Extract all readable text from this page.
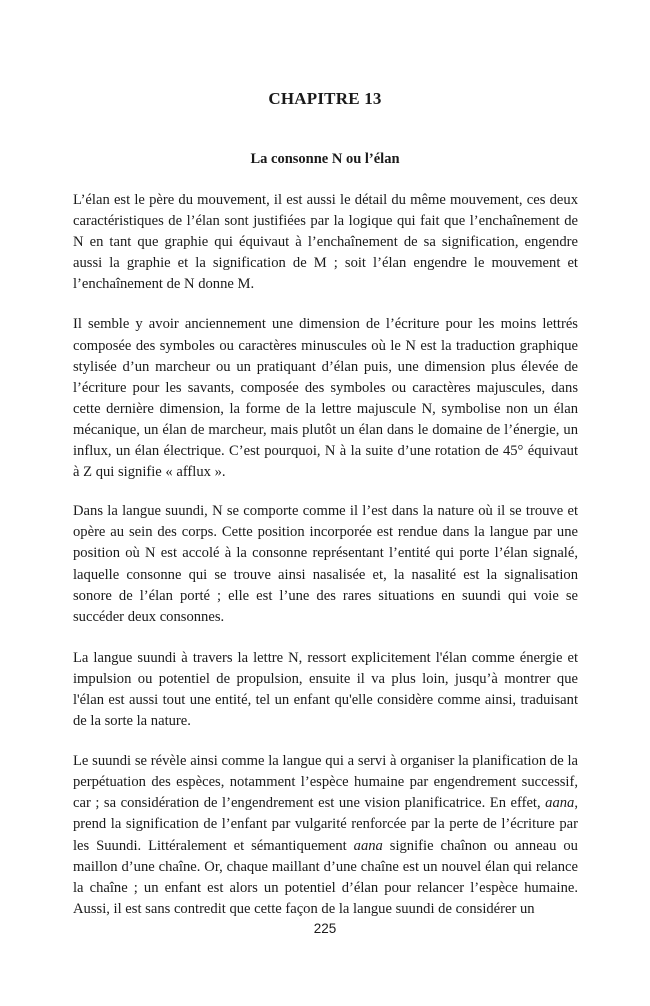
CHAPITRE 13
La consonne N ou l’élan

L’élan est le père du mouvement, il est aussi le détail du même mouvement, ces deux caractéristiques de l’élan sont justifiées par la logique qui fait que l’enchaînement de N en tant que graphie qui équivaut à l’enchaînement de sa signification, engendre aussi la graphie et la signification de M ; soit l’élan engendre le mouvement et l’enchaînement de N donne M.

Il semble y avoir anciennement une dimension de l’écriture pour les moins lettrés composée des symboles ou caractères minuscules où le N est la traduction graphique stylisée d’un marcheur ou un pratiquant d’élan puis, une dimension plus élevée de l’écriture pour les savants, composée des symboles ou caractères majuscules, dans cette dernière dimension, la forme de la lettre majuscule N, symbolise non un élan mécanique, un élan de marcheur, mais plutôt un élan dans le domaine de l’énergie, un influx, un élan électrique. C’est pourquoi, N à la suite d’une rotation de 45° équivaut à Z qui signifie « afflux ».

Dans la langue suundi, N se comporte comme il l’est dans la nature où il se trouve et opère au sein des corps. Cette position incorporée est rendue dans la langue par une position où N est accolé à la consonne représentant l’entité qui porte l’élan signalé, laquelle consonne qui se trouve ainsi nasalisée et, la nasalité est la signalisation sonore de l’élan porté ; elle est l’une des rares situations en suundi qui voie se succéder deux consonnes.

La langue suundi à travers la lettre N, ressort explicitement l'élan comme énergie et impulsion ou potentiel de propulsion, ensuite il va plus loin, jusqu’à montrer que l'élan est aussi tout une entité, tel un enfant qu'elle considère comme ainsi, traduisant de la sorte la nature.

Le suundi se révèle ainsi comme la langue qui a servi à organiser la planification de la perpétuation des espèces, notamment l’espèce humaine par engendrement successif, car ; sa considération de l’engendrement est une vision planificatrice. En effet, aana, prend la signification de l’enfant par vulgarité renforcée par la perte de l’écriture par les Suundi. Littéralement et sémantiquement aana signifie chaînon ou anneau ou maillon d’une chaîne. Or, chaque maillant d’une chaîne est un nouvel élan qui relance la chaîne ; un enfant est alors un potentiel d’élan pour relancer l’espèce humaine. Aussi, il est sans contredit que cette façon de la langue suundi de considérer un

225
